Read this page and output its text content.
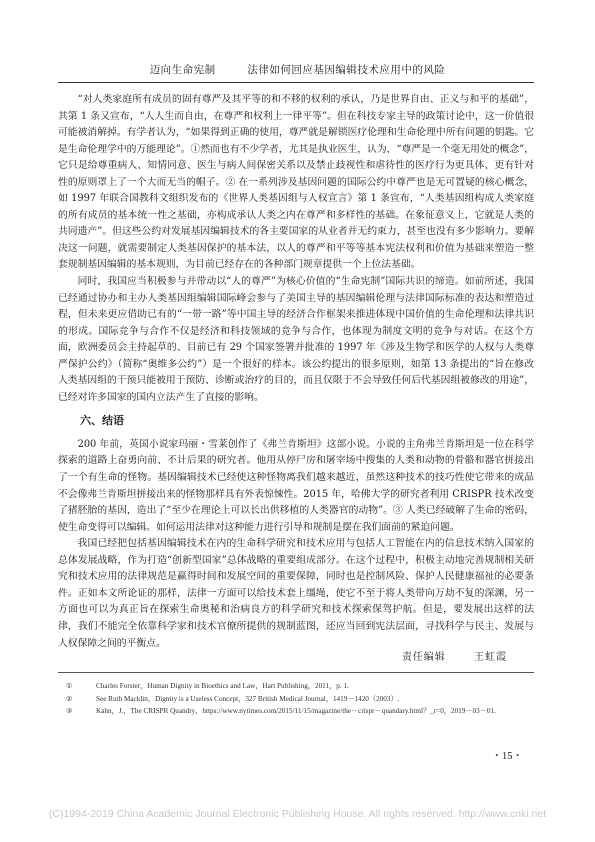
迈向生命宪制	法律如何回应基因编辑技术应用中的风险

“对人类家庭所有成员的固有尊严及其平等的和不移的权利的承认，乃是世界自由、正义与和平的基础”，其第 1 条又宣布，“人人生而自由，在尊严和权利上一律平等”。但在科技专家主导的政策讨论中，这一价值很可能被消解掉。有学者认为，“如果得到正确的使用，尊严就是解锁医疗伦理和生命伦理中所有问题的钥匙。它是生命伦理学中的万能理论”。①然而也有不少学者，尤其是执业医生，认为，“尊严是一个毫无用处的概念”，它只是给尊重病人、知情同意、医生与病人间保密关系以及禁止歧视性和虐待性的医疗行为更具体、更有针对性的原则罩上了一个大而无当的帽子。② 在一系列涉及基因问题的国际公约中尊严也是无可置疑的核心概念，如 1997 年联合国教科文组织发布的《世界人类基因组与人权宣言》第 1 条宣布，“人类基因组构成人类家庭的所有成员的基本统一性之基础，亦构成承认人类之内在尊严和多样性的基础。在象征意义上，它就是人类的共同遗产”。但这些公约对发展基因编辑技术的各主要国家的从业者并无约束力，甚至也没有多少影响力。要解决这一问题，就需要制定人类基因保护的基本法，以人的尊严和平等等基本宪法权利和价值为基础来塑造一整套规制基因编辑的基本规则，为目前已经存在的各种部门规章提供一个上位法基础。

同时，我国应当积极参与并带动以“人的尊严”为核心价值的“生命宪制”国际共识的缔造。如前所述，我国已经通过协办和主办人类基因组编辑国际峰会参与了美国主导的基因编辑伦理与法律国际标准的表达和塑造过程，但未来更应借助已有的“一带一路”等中国主导的经济合作框架来推进体现中国价值的生命伦理和法律共识的形成。国际竞争与合作不仅是经济和科技领域的竞争与合作，也体现为制度文明的竞争与对话。在这个方面，欧洲委员会主持起草的、目前已有 29 个国家签署并批准的 1997 年《涉及生物学和医学的人权与人类尊严保护公约》（简称“奥维多公约”）是一个很好的样本。该公约提出的很多原则，如第 13 条提出的“旨在修改人类基因组的干预只能被用于预防、诊断或治疗的目的，而且仅限于不会导致任何后代基因组被修改的用途”，已经对许多国家的国内立法产生了直接的影响。

六、结语

200 年前，英国小说家玛丽・雪莱创作了《弗兰肯斯坦》这部小说。小说的主角弗兰肯斯坦是一位在科学探索的道路上奋勇向前、不计后果的研究者。他用从停尸房和屠宰场中搜集的人类和动物的骨骼和器官拼接出了一个有生命的怪物。基因编辑技术已经使这种怪物离我们越来越近，虽然这种技术的技巧性使它带来的成品不会像弗兰肯斯坦拼接出来的怪物那样具有外表惊悚性。2015 年，哈佛大学的研究者利用 CRISPR 技术改变了猪胚胎的基因，造出了“至少在理论上可以长出供移植的人类器官的动物”。③ 人类已经破解了生命的密码，使生命变得可以编辑。如何运用法律对这种能力进行引导和规制是摆在我们面前的紧迫问题。

我国已经把包括基因编辑技术在内的生命科学研究和技术应用与包括人工智能在内的信息技术纳入国家的总体发展战略，作为打造“创新型国家”总体战略的重要组成部分。在这个过程中，积极主动地完善规制相关研究和技术应用的法律规范是赢得时间和发展空间的重要保障，同时也是控制风险、保护人民健康福祉的必要条件。正如本文所论证的那样，法律一方面可以给技术套上缰绳，使它不至于将人类带向万劫不复的深渊，另一方面也可以为真正旨在探索生命奥秘和治病良方的科学研究和技术探索保驾护航。但是，要发展出这样的法律，我们不能完全依靠科学家和技术官僚所提供的规制蓝图，还应当回到宪法层面，寻找科学与民主、发展与人权保障之间的平衡点。

责任编辑	王虹霞
①	Charles Forster，Human Dignity in Bioethics and Law，Hart Publishing，2011，p. 1.
②	See Ruth Macklin，Dignity is a Useless Concept，327 British Medical Journal，1419－1420（2003）.
③	Kahn，J.，The CRISPR Quandry，https://www.nytimes.com/2015/11/15/magazine/the－crispr－quandary.html？_r=0，2019－03－01.
・15・
(C)1994-2019 China Academic Journal Electronic Publishing House. All rights reserved. http://www.cnki.net
